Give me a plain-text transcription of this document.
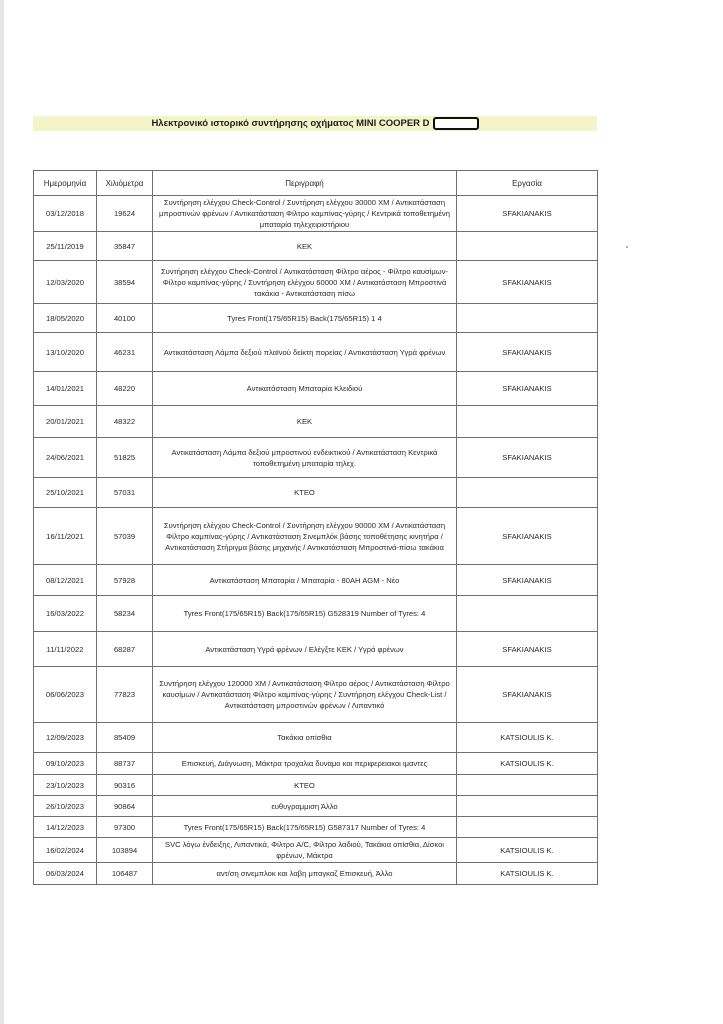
Ηλεκτρονικό ιστορικό συντήρησης οχήματος MINI COOPER D
Ημερομηνία	Χιλιόμετρα	Περιγραφή	Εργασία
03/12/2018	19624	Συντήρηση ελέγχου Check-Control / Συντήρηση ελέγχου 30000 ΧΜ / Αντικατάσταση μπροστινών φρένων / Αντικατάσταση Φίλτρο καμπίνας-γύρης / Κεντρικά τοποθετημένη μπαταρία τηλεχειριστήριου	SFAKIANAKIS
25/11/2019	35847	ΚΕΚ	
12/03/2020	38594	Συντήρηση ελέγχου Check-Control / Αντικατάσταση Φίλτρο αέρος - Φίλτρο καυσίμων-Φίλτρο καμπίνας-γύρης / Συντήρηση ελέγχου 60000 ΧΜ / Αντικατάσταση Μπροστινά τακάκια - Αντικατάσταση πίσω	SFAKIANAKIS
18/05/2020	40100	Tyres Front(175/65R15) Back(175/65R15) 1 4	
13/10/2020	46231	Αντικατάσταση Λάμπα δεξιού πλαϊνού δείκτη πορείας / Αντικατάσταση Υγρά φρένων	SFAKIANAKIS
14/01/2021	48220	Αντικατάσταση Μπαταρία Κλειδιού	SFAKIANAKIS
20/01/2021	48322	ΚΕΚ	
24/06/2021	51825	Αντικατάσταση Λάμπα δεξιού μπροστινού ενδεικτικού / Αντικατάσταση Κεντρικά τοποθετημένη μπαταρία τηλεχ.	SFAKIANAKIS
25/10/2021	57031	ΚΤΕΟ	
16/11/2021	57039	Συντήρηση ελέγχου Check-Control / Συντήρηση ελέγχου 90000 ΧΜ / Αντικατάσταση Φίλτρο καμπίνας-γύρης / Αντικατάσταση Σινεμπλόκ βάσης τοποθέτησης κινητήρα / Αντικατάσταση Στήριγμα βάσης μηχανής / Αντικατάσταση Μπροστινά-πίσω τακάκια	SFAKIANAKIS
08/12/2021	57928	Αντικατάσταση Μπαταρία / Μπαταρία - 80AH AGM - Νέο	SFAKIANAKIS
16/03/2022	58234	Tyres Front(175/65R15) Back(175/65R15) G528319 Number of Tyres: 4	
11/11/2022	68287	Αντικατάσταση Υγρά φρένων / Ελέγξτε ΚΕΚ / Υγρά φρένων	SFAKIANAKIS
06/06/2023	77823	Συντήρηση ελέγχου 120000 ΧΜ / Αντικατάσταση Φίλτρο αέρος / Αντικατάσταση Φίλτρο καυσίμων / Αντικατάσταση Φίλτρο καμπίνας-γύρης / Συντήρηση ελέγχου Check-List / Αντικατάσταση μπροστινών φρένων / Λιπαντικό	SFAKIANAKIS
12/09/2023	85409	Τακάκια οπίσθια	KATSIOULIS K.
09/10/2023	88737	Επισκευή, Διάγνωση, Μάκτρα τροχαλια δυναμο και περιφερειακοι ιμαντες	KATSIOULIS K.
23/10/2023	90316	ΚΤΕΟ	
26/10/2023	90864	ευθυγραμμιση Άλλο	
14/12/2023	97300	Tyres Front(175/65R15) Back(175/65R15) G587317 Number of Tyres: 4	
16/02/2024	103894	SVC λόγω ένδειξης, Λιπαντικά, Φίλτρο A/C, Φίλτρο λαδιού, Τακάκια οπίσθια, Δίσκοι φρένων, Μάκτρα	KATSIOULIS K.
06/03/2024	106487	αντ/ση σινεμπλοκ και λαβη μπαγκαζ Επισκευή, Άλλο	KATSIOULIS K.
